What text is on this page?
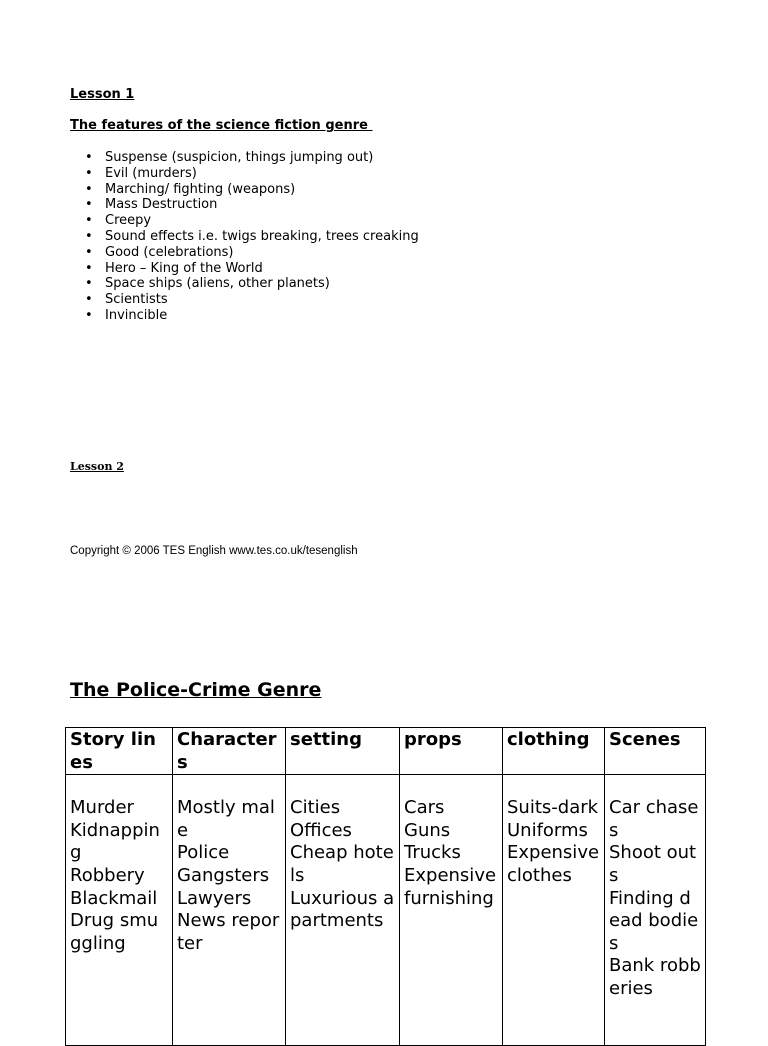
Lesson 1
The features of the science fiction genre
• Suspense (suspicion, things jumping out)
• Evil (murders)
• Marching/ fighting (weapons)
• Mass Destruction
• Creepy
• Sound effects i.e. twigs breaking, trees creaking
• Good (celebrations)
• Hero – King of the World
• Space ships (aliens, other planets)
• Scientists
• Invincible
Lesson 2
Copyright © 2006 TES English www.tes.co.uk/tesenglish
The Police-Crime Genre
Story lines	Characters	setting	props	clothing	Scenes

Murder
Kidnapping
Robbery
Blackmail
Drug smuggling	Mostly male
Police
Gangsters
Lawyers
News reporter	Cities
Offices
Cheap hotels
Luxurious apartments	Cars
Guns
Trucks
Expensive furnishing	Suits-dark
Uniforms
Expensive clothes	Car chases
Shoot outs
Finding dead bodies
Bank robberies
